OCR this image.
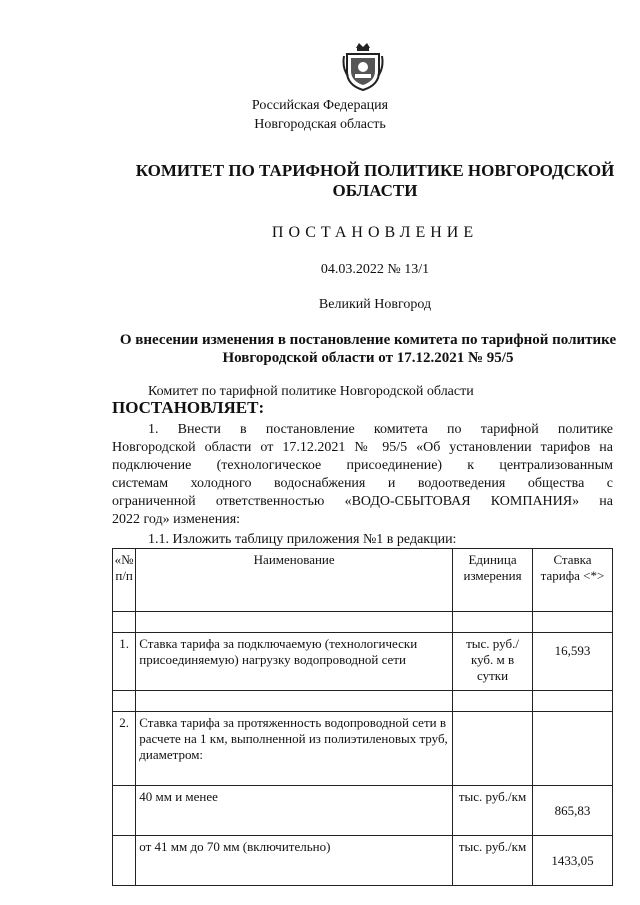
Российская Федерация
Новгородская область
КОМИТЕТ ПО ТАРИФНОЙ ПОЛИТИКЕ НОВГОРОДСКОЙ
ОБЛАСТИ
ПОСТАНОВЛЕНИЕ
04.03.2022 № 13/1
Великий Новгород
О внесении изменения в постановление комитета по тарифной политике
Новгородской области от 17.12.2021 № 95/5
Комитет по тарифной политике Новгородской области
ПОСТАНОВЛЯЕТ:
1. Внести в постановление комитета по тарифной политике
Новгородской области от 17.12.2021 № 95/5 «Об установлении тарифов на
подключение (технологическое присоединение) к централизованным
системам холодного водоснабжения и водоотведения общества с
ограниченной ответственностью «ВОДО-СБЫТОВАЯ КОМПАНИЯ» на
2022 год» изменения:
1.1. Изложить таблицу приложения №1 в редакции:
«№ п/п	Наименование	Единица измерения	Ставка тарифа <*>

1.	Ставка тарифа за подключаемую (технологически присоединяемую) нагрузку водопроводной сети	тыс. руб./куб. м в сутки	16,593

2.	Ставка тарифа за протяженность водопроводной сети в расчете на 1 км, выполненной из полиэтиленовых труб, диаметром:		
	40 мм и менее	тыс. руб./км	865,83
	от 41 мм до 70 мм (включительно)	тыс. руб./км	1433,05
